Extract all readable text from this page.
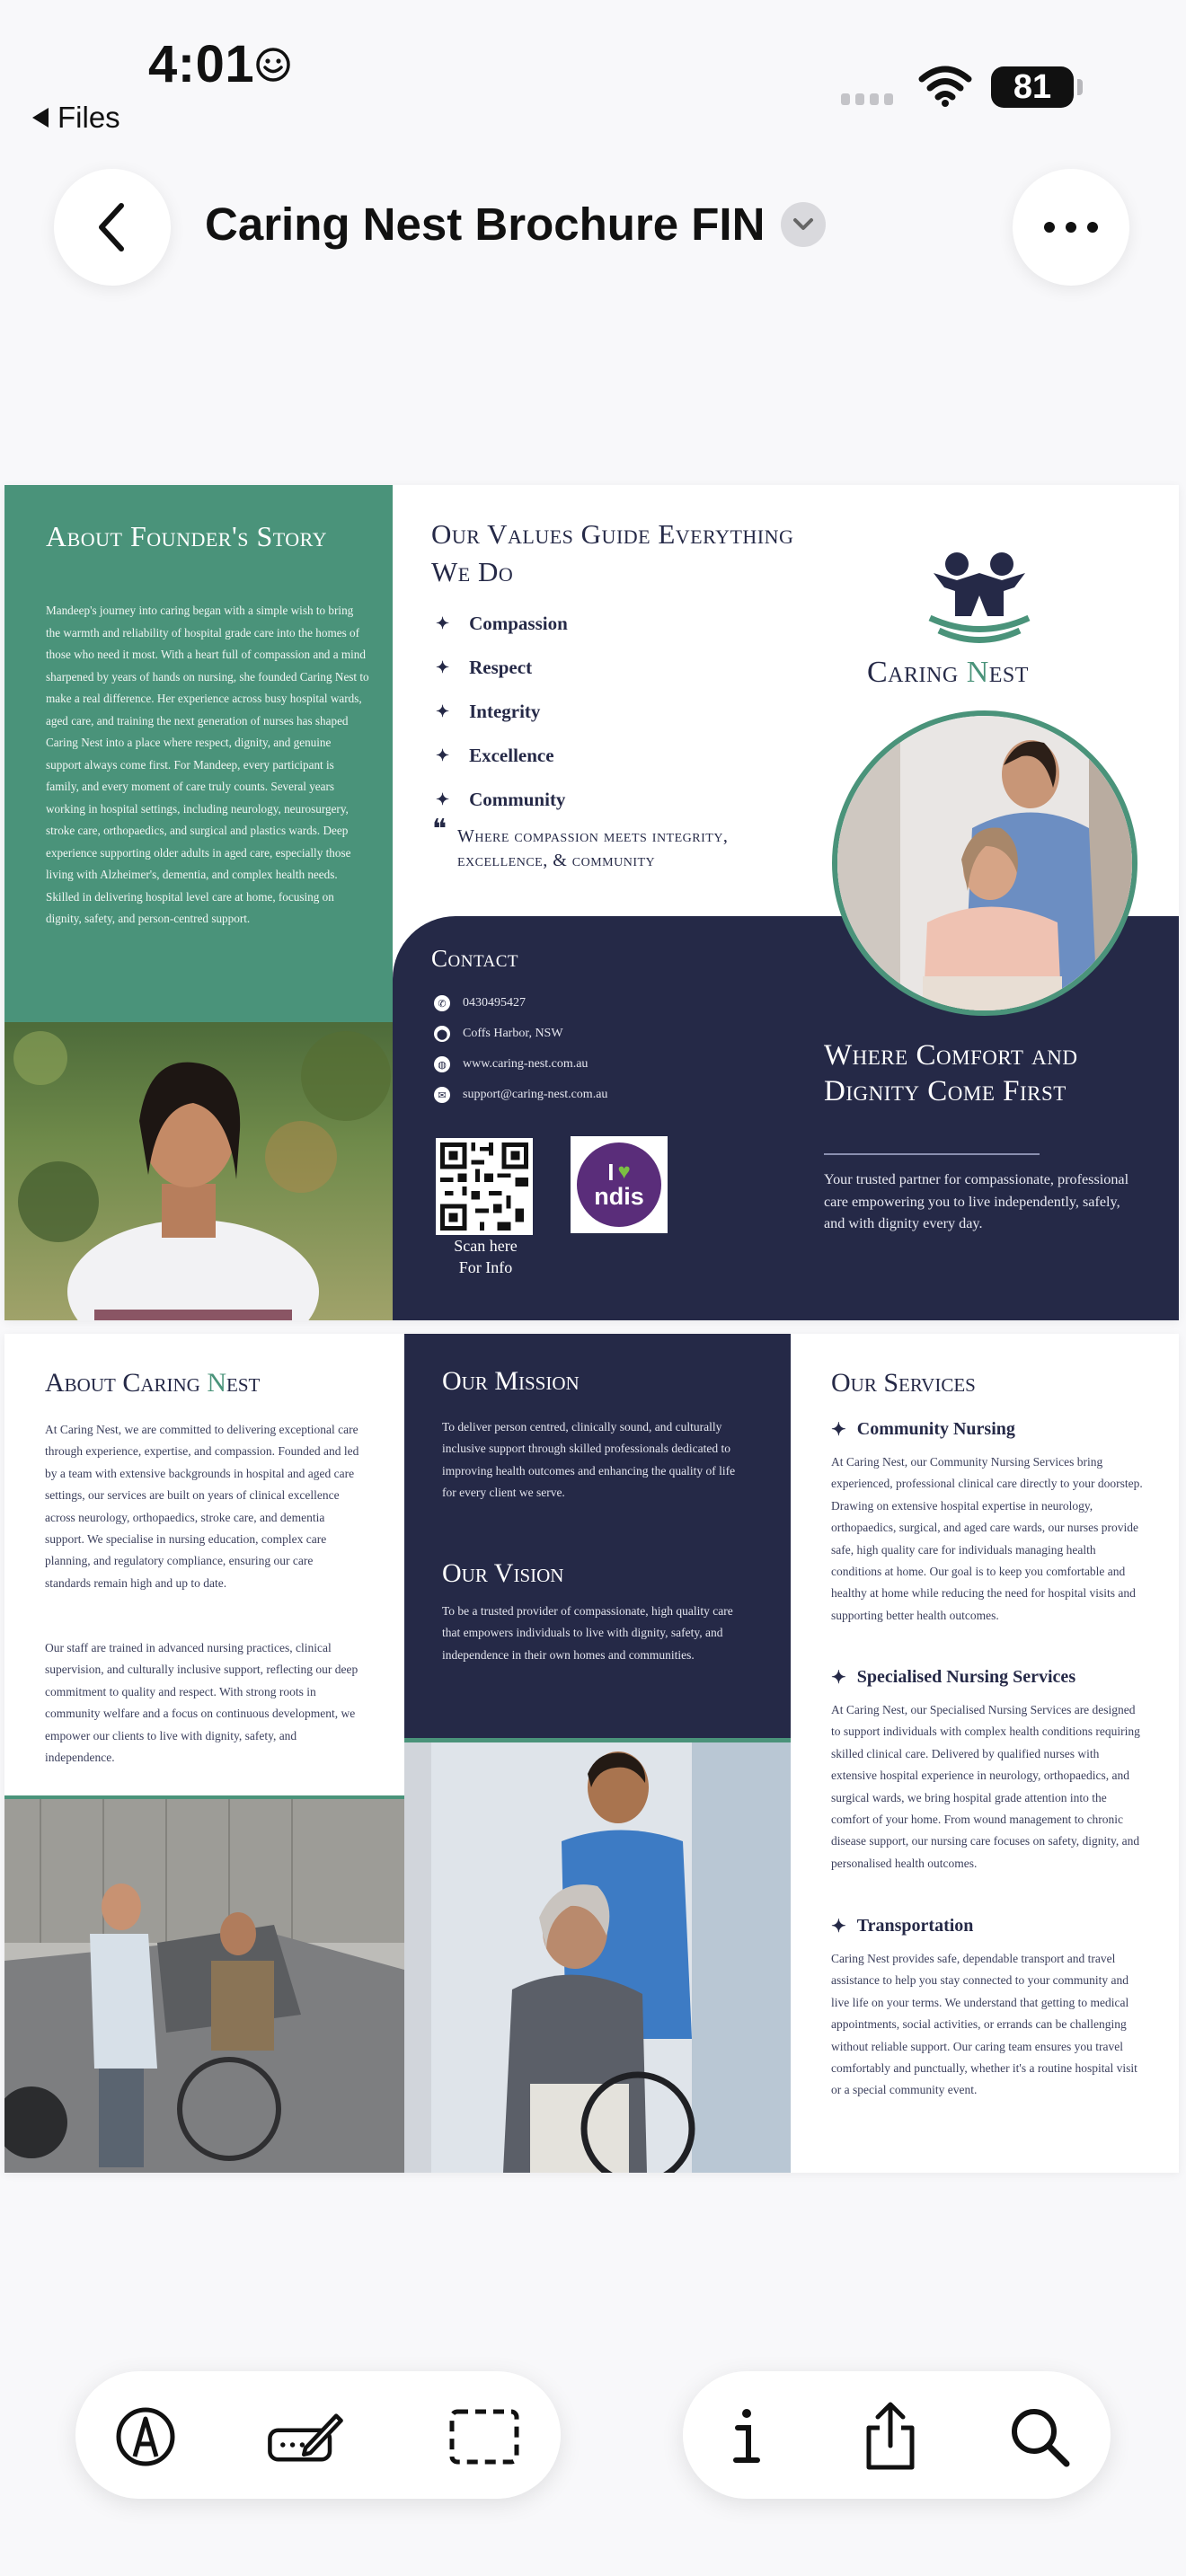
4:01
Files
81
Caring Nest Brochure FIN
About Founder's Story
Mandeep's journey into caring began with a simple wish to bring the warmth and reliability of hospital grade care into the homes of those who need it most. With a heart full of compassion and a mind sharpened by years of hands on nursing, she founded Caring Nest to make a real difference. Her experience across busy hospital wards, aged care, and training the next generation of nurses has shaped Caring Nest into a place where respect, dignity, and genuine support always come first. For Mandeep, every participant is family, and every moment of care truly counts. Several years working in hospital settings, including neurology, neurosurgery, stroke care, orthopaedics, and surgical and plastics wards. Deep experience supporting older adults in aged care, especially those living with Alzheimer's, dementia, and complex health needs. Skilled in delivering hospital level care at home, focusing on dignity, safety, and person-centred support.
Our Values Guide Everything We Do
✦ Compassion
✦ Respect
✦ Integrity
✦ Excellence
✦ Community
❝ Where compassion meets integrity, excellence, & community
Caring Nest
Contact
✆	0430495427
⬤ Coffs Harbor, NSW
◍	www.caring-nest.com.au
✉	support@caring-nest.com.au
Scan here
For Info
I ♥
ndis
Where Comfort and Dignity Come First
Your trusted partner for compassionate, professional care empowering you to live independently, safely, and with dignity every day.
About Caring Nest
At Caring Nest, we are committed to delivering exceptional care through experience, expertise, and compassion. Founded and led by a team with extensive backgrounds in hospital and aged care settings, our services are built on years of clinical excellence across neurology, orthopaedics, stroke care, and dementia support. We specialise in nursing education, complex care planning, and regulatory compliance, ensuring our care standards remain high and up to date.
Our staff are trained in advanced nursing practices, clinical supervision, and culturally inclusive support, reflecting our deep commitment to quality and respect. With strong roots in community welfare and a focus on continuous development, we empower our clients to live with dignity, safety, and independence.
Our Mission
To deliver person centred, clinically sound, and culturally inclusive support through skilled professionals dedicated to improving health outcomes and enhancing the quality of life for every client we serve.
Our Vision
To be a trusted provider of compassionate, high quality care that empowers individuals to live with dignity, safety, and independence in their own homes and communities.
Our Services
✦ Community Nursing
At Caring Nest, our Community Nursing Services bring experienced, professional clinical care directly to your doorstep. Drawing on extensive hospital expertise in neurology, orthopaedics, surgical, and aged care wards, our nurses provide safe, high quality care for individuals managing health conditions at home. Our goal is to keep you comfortable and healthy at home while reducing the need for hospital visits and supporting better health outcomes.
✦ Specialised Nursing Services
At Caring Nest, our Specialised Nursing Services are designed to support individuals with complex health conditions requiring skilled clinical care. Delivered by qualified nurses with extensive hospital experience in neurology, orthopaedics, and surgical wards, we bring hospital grade attention into the comfort of your home. From wound management to chronic disease support, our nursing care focuses on safety, dignity, and personalised health outcomes.
✦ Transportation
Caring Nest provides safe, dependable transport and travel assistance to help you stay connected to your community and live life on your terms. We understand that getting to medical appointments, social activities, or errands can be challenging without reliable support. Our caring team ensures you travel comfortably and punctually, whether it's a routine hospital visit or a special community event.
